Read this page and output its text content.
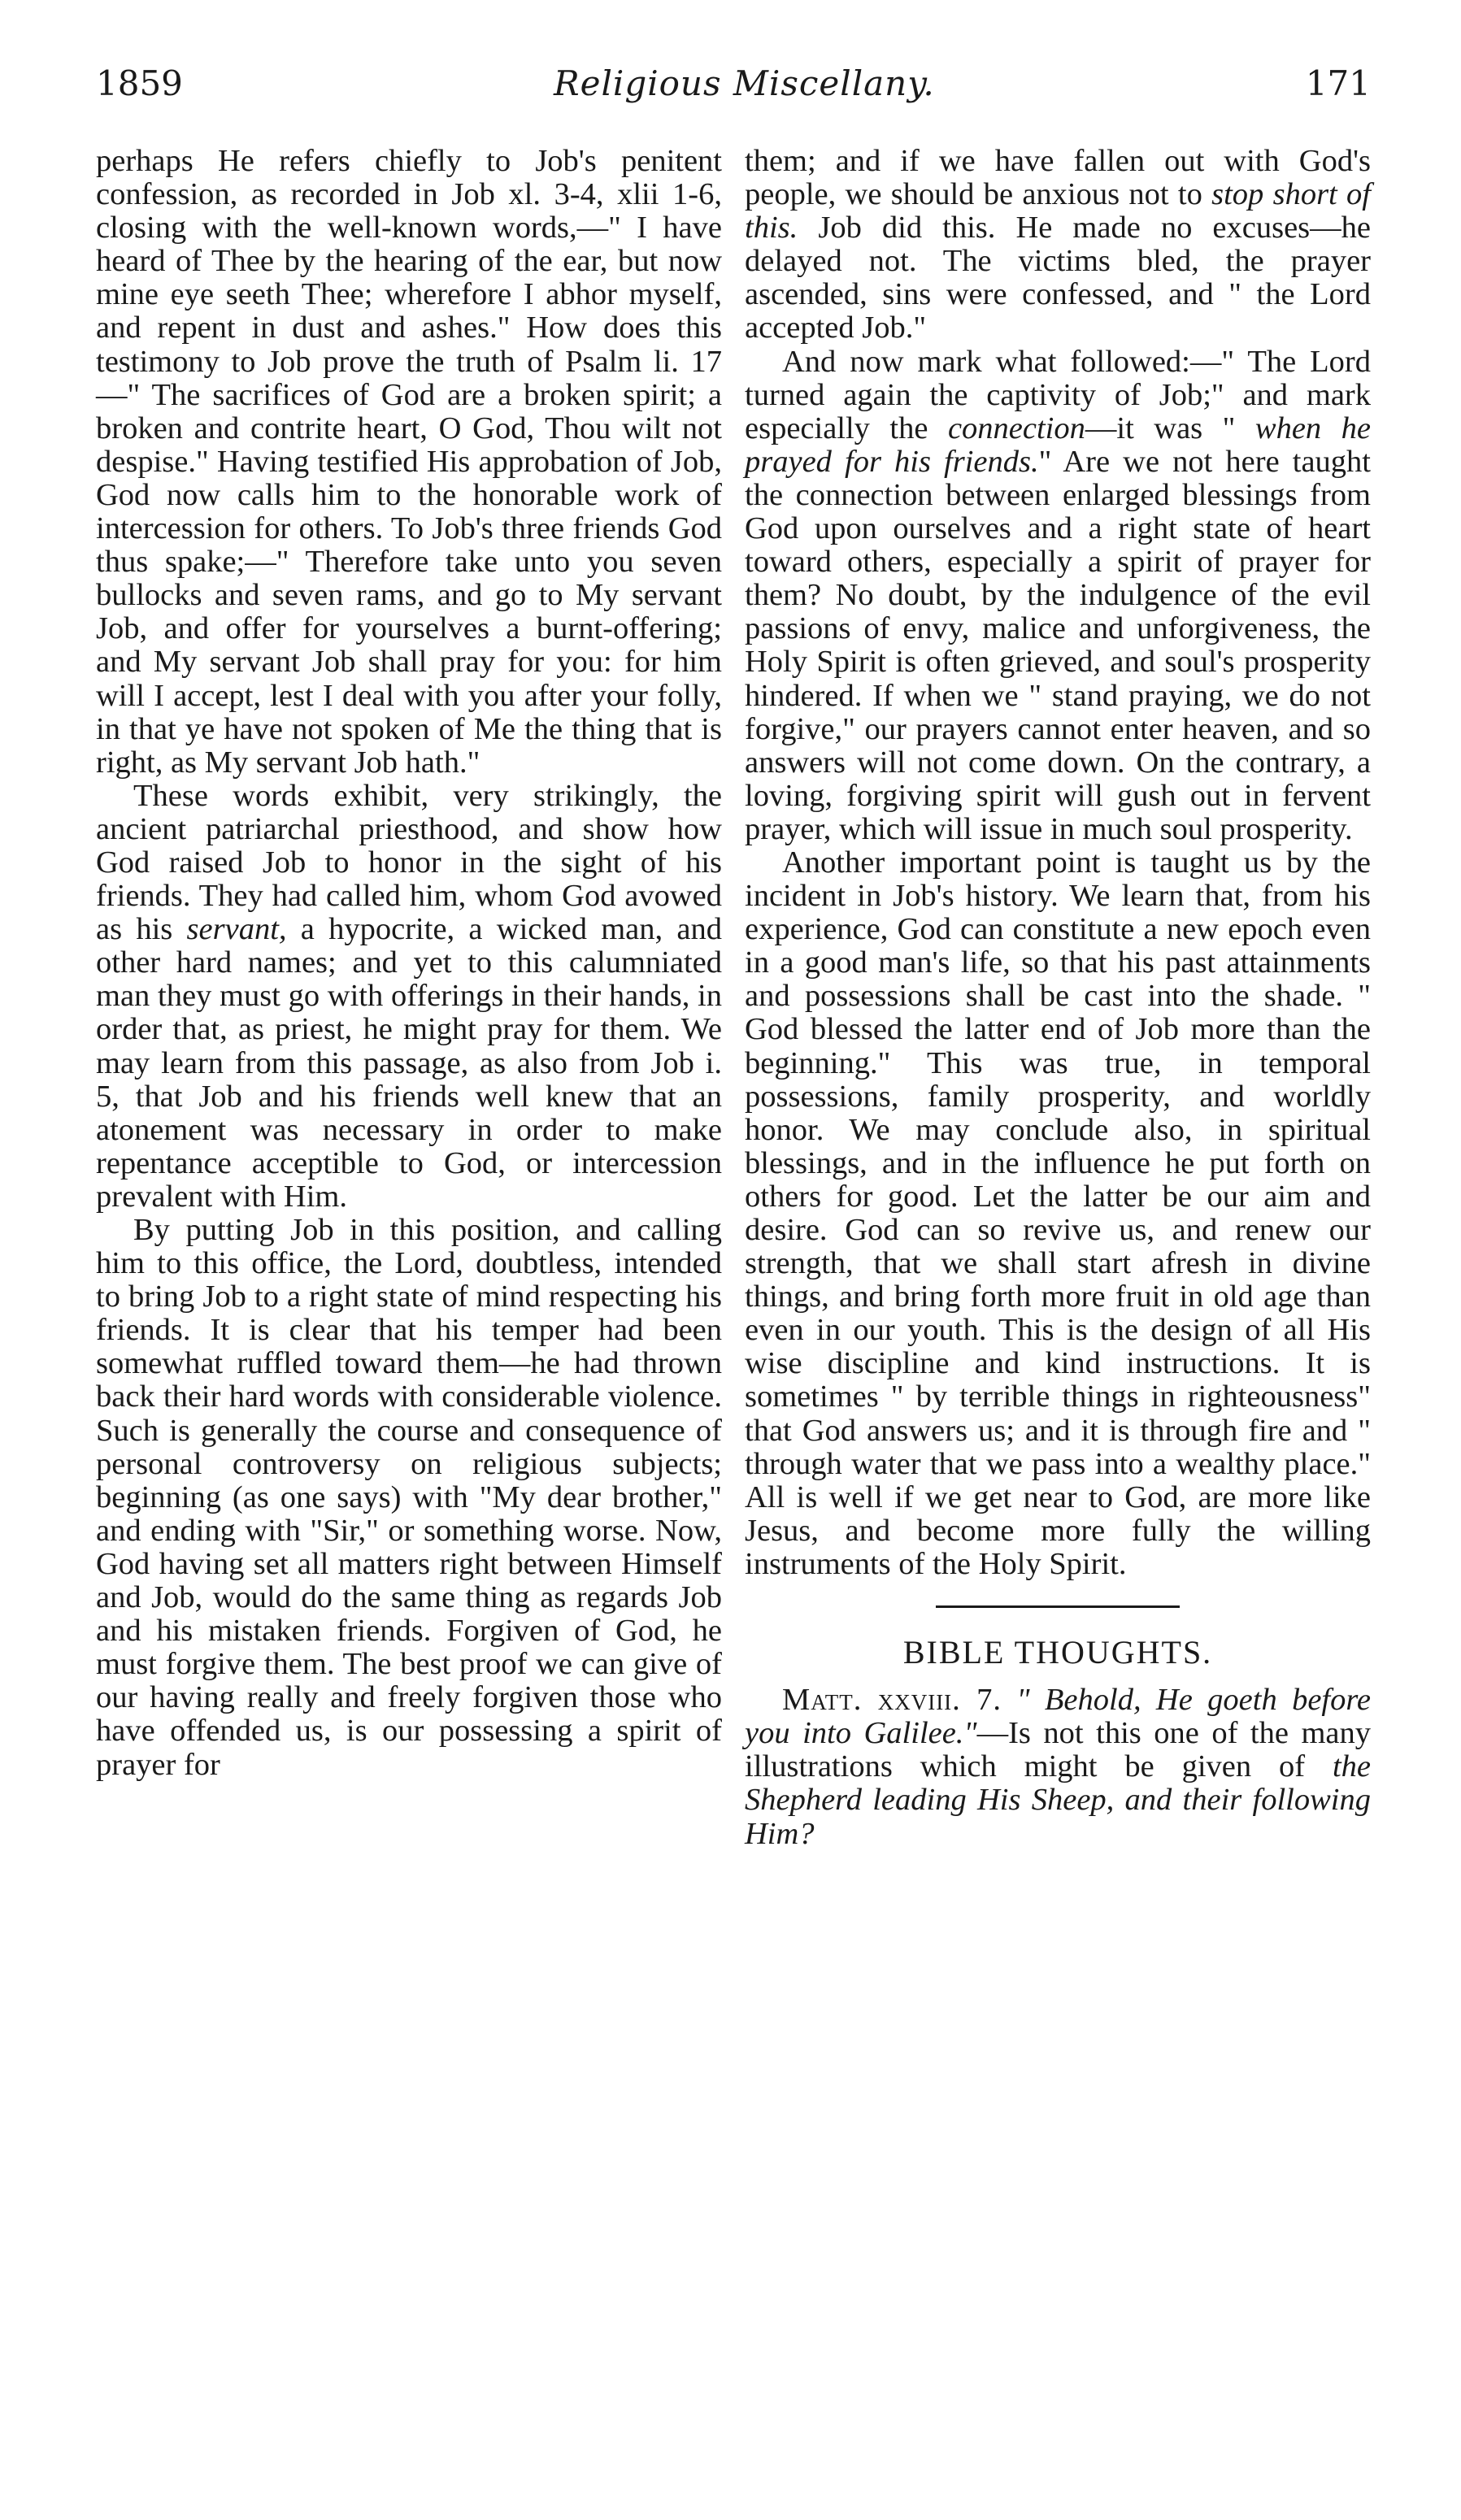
1859	Religious Miscellany.	171

perhaps He refers chiefly to Job's penitent confession, as recorded in Job xl. 3-4, xlii 1-6, closing with the well-known words,—" I have heard of Thee by the hearing of the ear, but now mine eye seeth Thee; wherefore I abhor myself, and repent in dust and ashes." How does this testimony to Job prove the truth of Psalm li. 17—" The sacrifices of God are a broken spirit; a broken and contrite heart, O God, Thou wilt not despise." Having testified His approbation of Job, God now calls him to the honorable work of intercession for others. To Job's three friends God thus spake;—" Therefore take unto you seven bullocks and seven rams, and go to My servant Job, and offer for yourselves a burnt-offering; and My servant Job shall pray for you: for him will I accept, lest I deal with you after your folly, in that ye have not spoken of Me the thing that is right, as My servant Job hath."

These words exhibit, very strikingly, the ancient patriarchal priesthood, and show how God raised Job to honor in the sight of his friends. They had called him, whom God avowed as his servant, a hypocrite, a wicked man, and other hard names; and yet to this calumniated man they must go with offerings in their hands, in order that, as priest, he might pray for them. We may learn from this passage, as also from Job i. 5, that Job and his friends well knew that an atonement was necessary in order to make repentance acceptible to God, or intercession prevalent with Him.

By putting Job in this position, and calling him to this office, the Lord, doubtless, intended to bring Job to a right state of mind respecting his friends. It is clear that his temper had been somewhat ruffled toward them—he had thrown back their hard words with considerable violence. Such is generally the course and consequence of personal controversy on religious subjects; beginning (as one says) with "My dear brother," and ending with "Sir," or something worse. Now, God having set all matters right between Himself and Job, would do the same thing as regards Job and his mistaken friends. Forgiven of God, he must forgive them. The best proof we can give of our having really and freely forgiven those who have offended us, is our possessing a spirit of prayer for

them; and if we have fallen out with God's people, we should be anxious not to stop short of this. Job did this. He made no excuses—he delayed not. The victims bled, the prayer ascended, sins were confessed, and " the Lord accepted Job."

And now mark what followed:—" The Lord turned again the captivity of Job;" and mark especially the connection—it was " when he prayed for his friends." Are we not here taught the connection between enlarged blessings from God upon ourselves and a right state of heart toward others, especially a spirit of prayer for them? No doubt, by the indulgence of the evil passions of envy, malice and unforgiveness, the Holy Spirit is often grieved, and soul's prosperity hindered. If when we " stand praying, we do not forgive," our prayers cannot enter heaven, and so answers will not come down. On the contrary, a loving, forgiving spirit will gush out in fervent prayer, which will issue in much soul prosperity.

Another important point is taught us by the incident in Job's history. We learn that, from his experience, God can constitute a new epoch even in a good man's life, so that his past attainments and possessions shall be cast into the shade. " God blessed the latter end of Job more than the beginning." This was true, in temporal possessions, family prosperity, and worldly honor. We may conclude also, in spiritual blessings, and in the influence he put forth on others for good. Let the latter be our aim and desire. God can so revive us, and renew our strength, that we shall start afresh in divine things, and bring forth more fruit in old age than even in our youth. This is the design of all His wise discipline and kind instructions. It is sometimes " by terrible things in righteousness" that God answers us; and it is through fire and " through water that we pass into a wealthy place." All is well if we get near to God, are more like Jesus, and become more fully the willing instruments of the Holy Spirit.

BIBLE THOUGHTS.

Matt. xxviii. 7. " Behold, He goeth before you into Galilee."—Is not this one of the many illustrations which might be given of the Shepherd leading His Sheep, and their following Him?
